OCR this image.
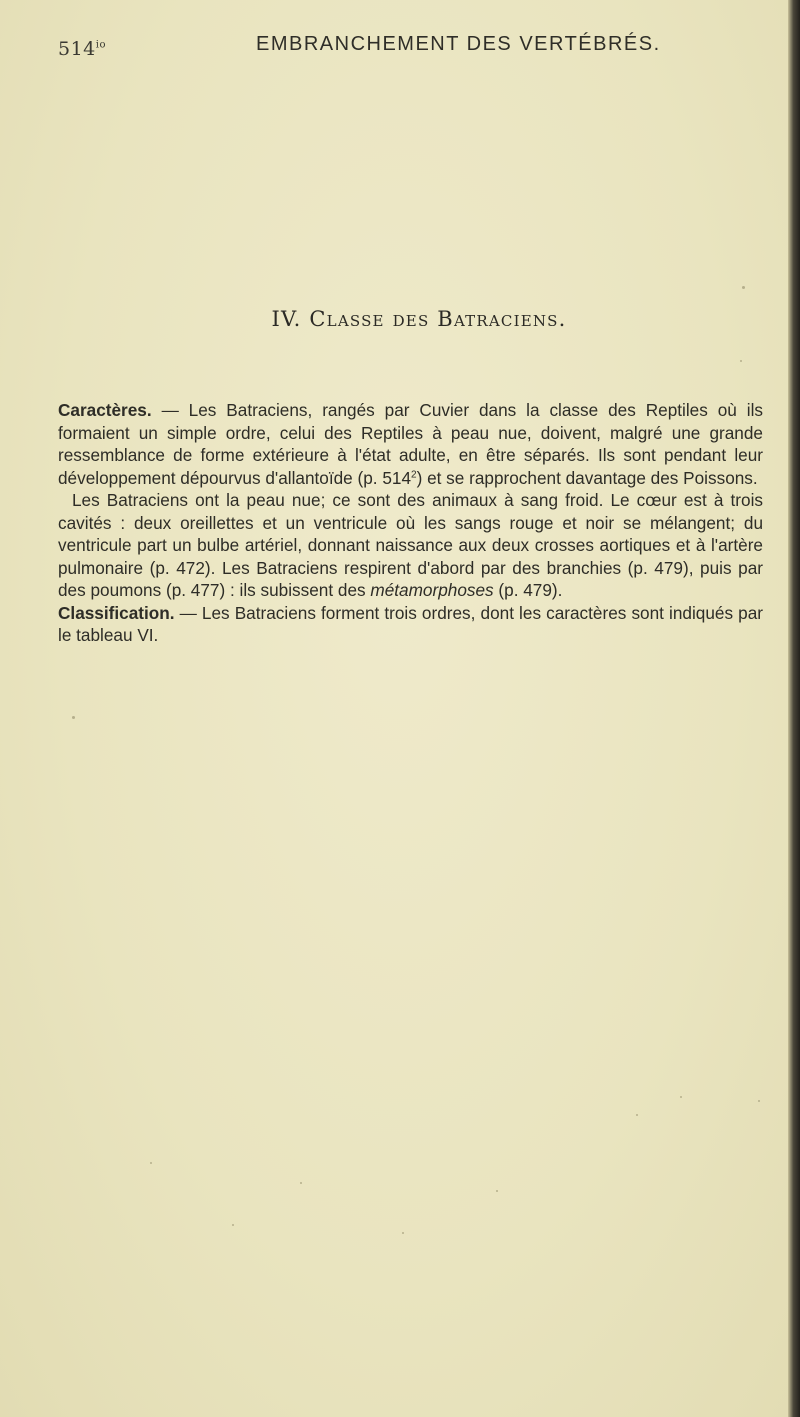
$514^{io}$	EMBRANCHEMENT DES VERTÉBRÉS.
IV. Classe des Batraciens.

Caractères. — Les Batraciens, rangés par Cuvier dans la classe des Reptiles où ils formaient un simple ordre, celui des Reptiles à peau nue, doivent, malgré une grande ressemblance de forme extérieure à l'état adulte, en être séparés. Ils sont pendant leur développement dépourvus d'allantoïde (p. $514^2$) et se rapprochent davantage des Poissons.

Les Batraciens ont la peau nue; ce sont des animaux à sang froid. Le cœur est à trois cavités : deux oreillettes et un ventricule où les sangs rouge et noir se mélangent; du ventricule part un bulbe artériel, donnant naissance aux deux crosses aortiques et à l'artère pulmonaire (p. 472). Les Batraciens respirent d'abord par des branchies (p. 479), puis par des poumons (p. 477) : ils subissent des métamorphoses (p. 479).

Classification. — Les Batraciens forment trois ordres, dont les caractères sont indiqués par le tableau VI.
